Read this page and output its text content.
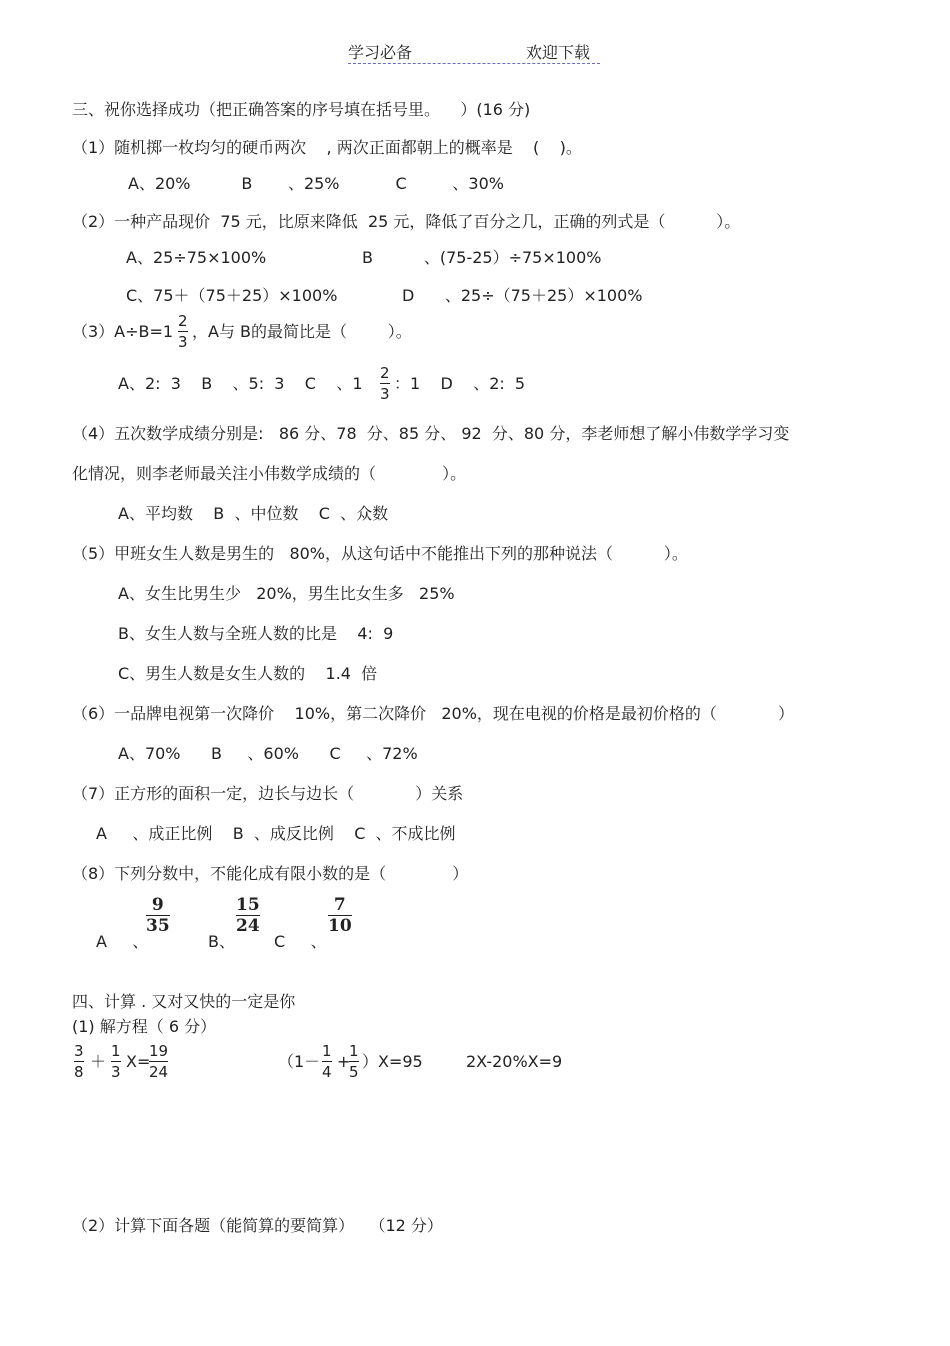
学习必备	欢迎下载
三、祝你选择成功（把正确答案的序号填在括号里。    ）(16 分)
（1）随机掷一枚均匀的硬币两次    , 两次正面都朝上的概率是    (    )。
A、20%          B       、25%           C         、30%
（2）一种产品现价  75 元，比原来降低  25 元，降低了百分之几，正确的列式是（          ）。
A、25÷75×100%	B          、(75-25）÷75×100%
C、75＋（75＋25）×100%	D      、25÷（75＋25）×100%
（3）A÷B=1
2
3
，A与 B的最简比是（        ）。
A、2:  3    B    、5:  3    C    、1
2
3
：1    D    、2:  5
（4）五次数学成绩分别是:   86 分、78  分、85 分、 92  分、80 分，李老师想了解小伟数学学习变
化情况，则李老师最关注小伟数学成绩的（             ）。
A、平均数    B  、中位数    C  、众数
（5）甲班女生人数是男生的   80%，从这句话中不能推出下列的那种说法（          ）。
A、女生比男生少   20%，男生比女生多   25%
B、女生人数与全班人数的比是    4:  9
C、男生人数是女生人数的    1.4  倍
（6）一品牌电视第一次降价    10%，第二次降价   20%，现在电视的价格是最初价格的（            ）
A、70%      B     、60%      C     、72%
（7）正方形的面积一定，边长与边长（            ）关系
A     、成正比例    B  、成反比例    C  、不成比例
（8）下列分数中，不能化成有限小数的是（             ）
A     、
9
35
B、
15
24
C     、
7
10
四、计算 . 又对又快的一定是你
(1) 解方程（ 6 分）
3
8
＋
1
3
X=
19
24
（1－
1
4
+
1
5
）X=95	2X-20%X=9
（2）计算下面各题（能简算的要简算）   （12 分）
